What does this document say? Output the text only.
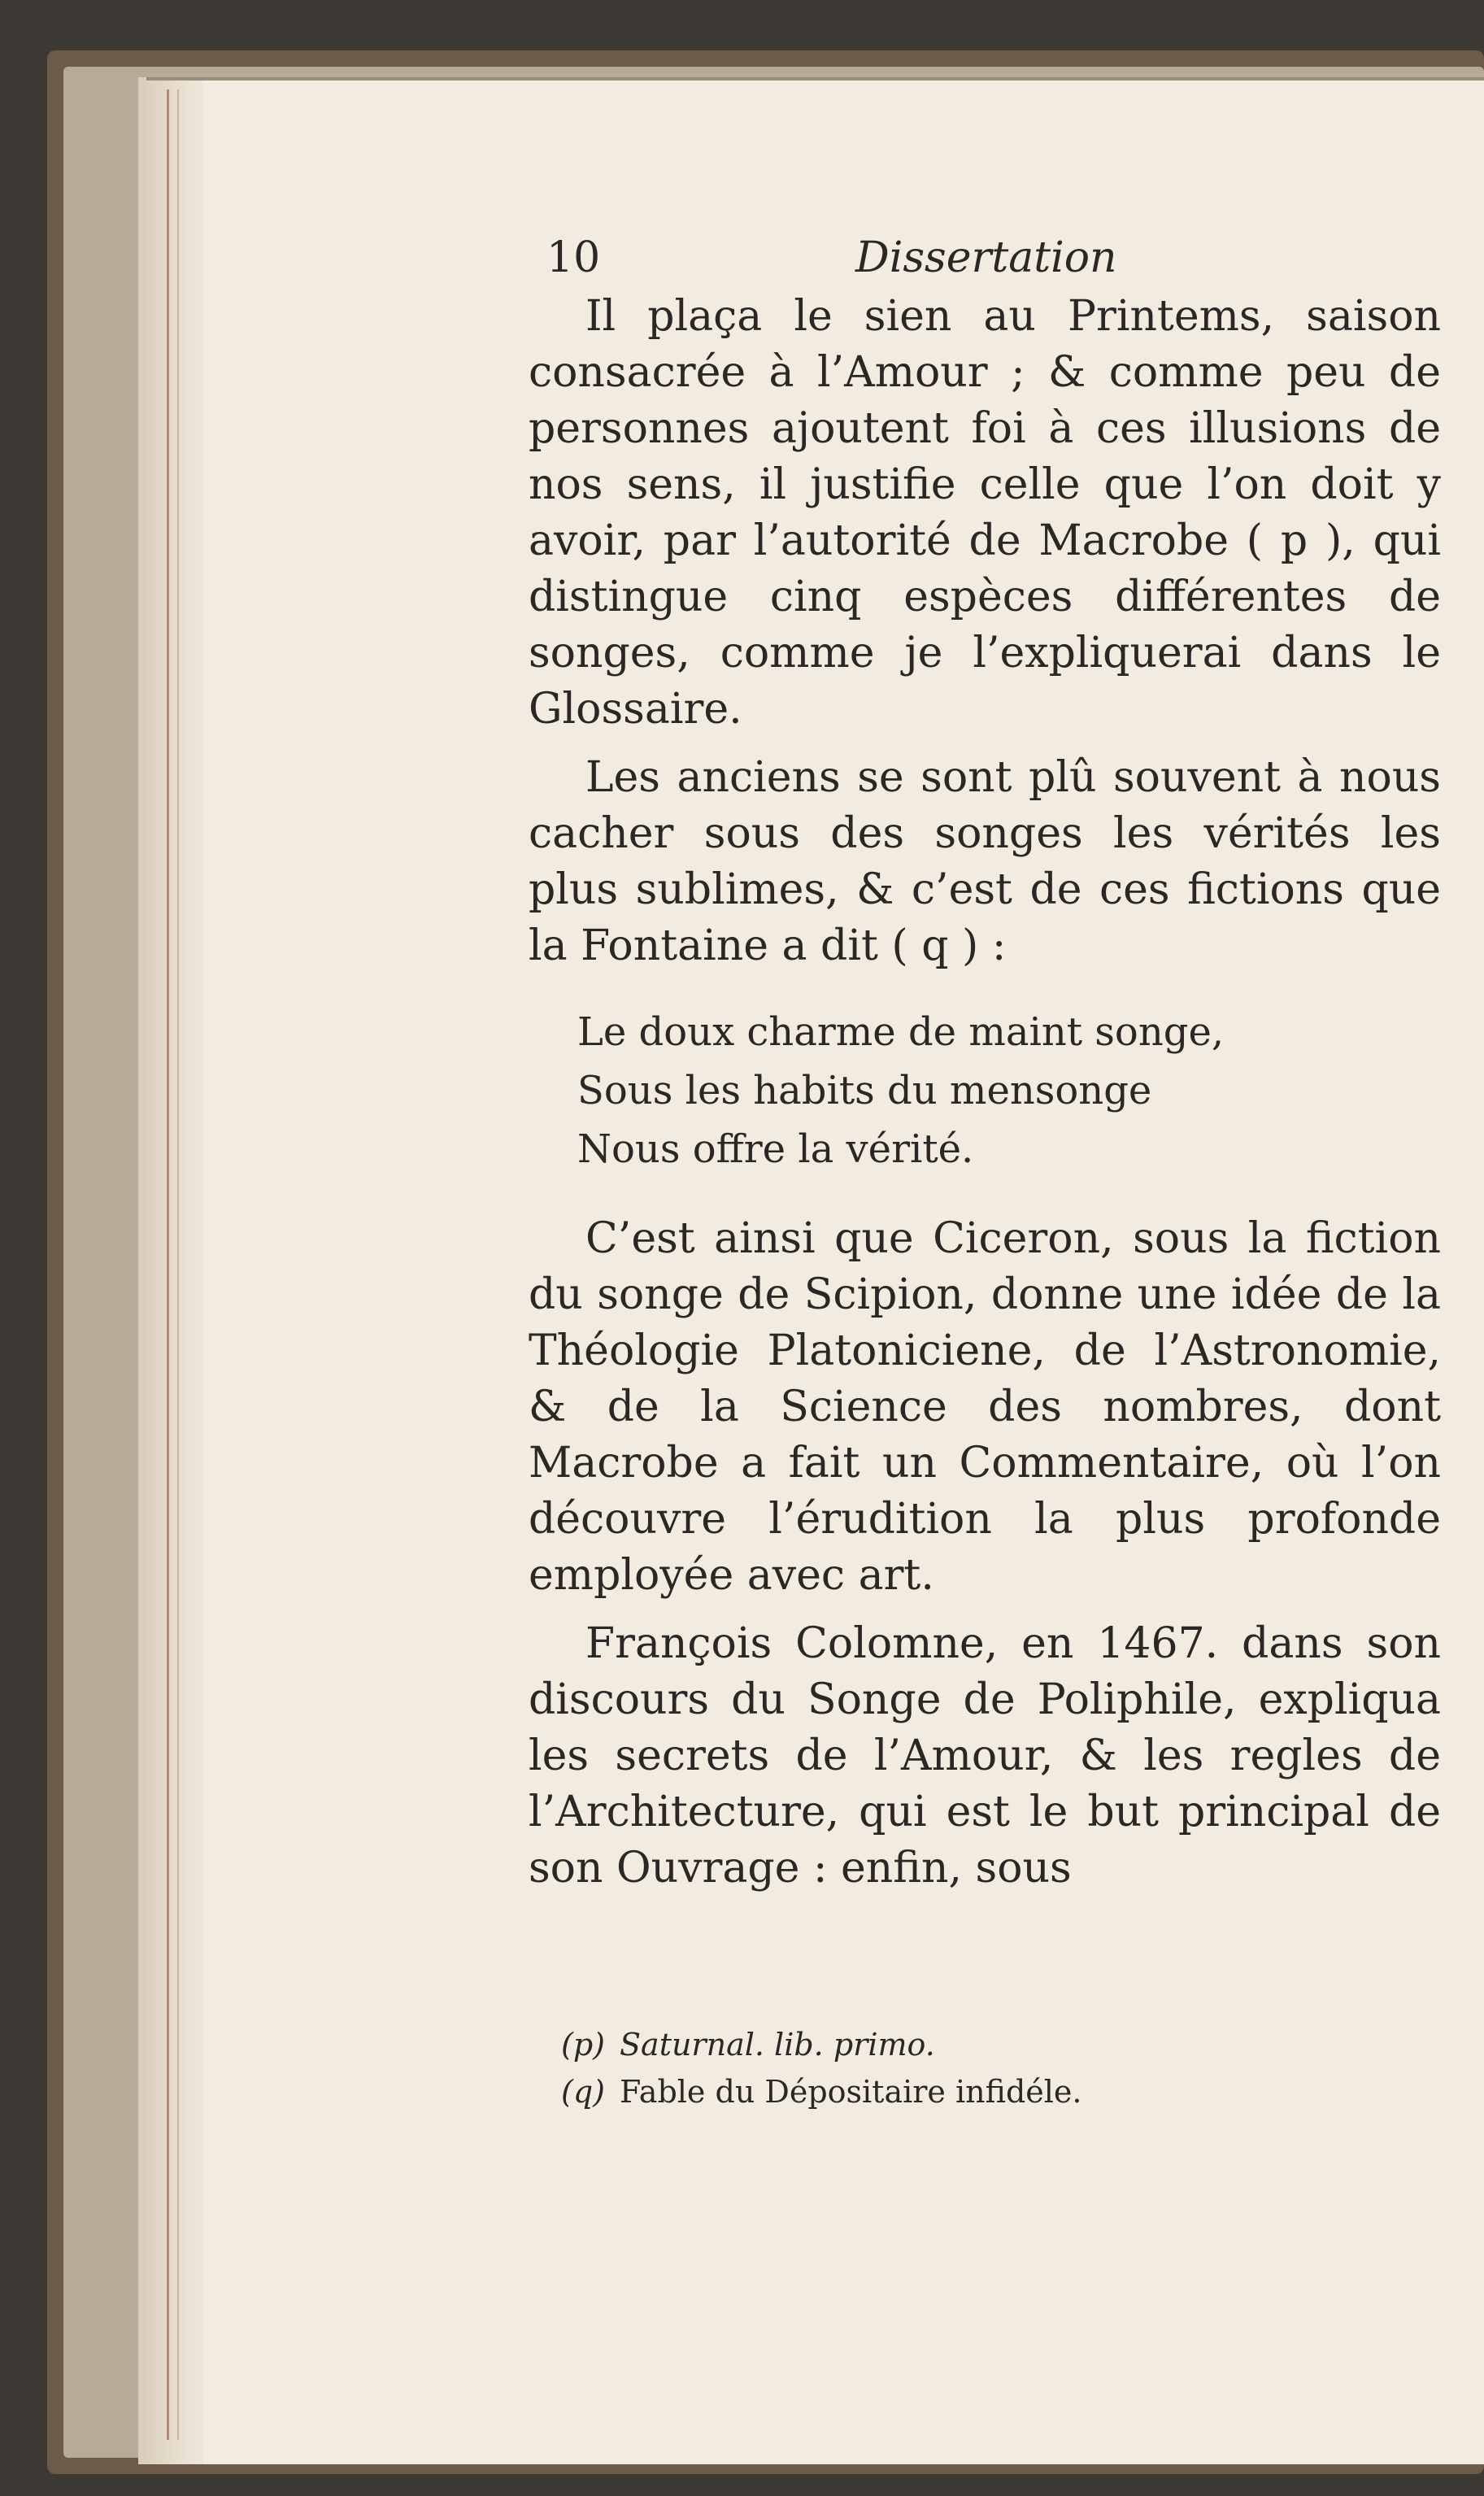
10	Dissertation

Il plaça le sien au Printems, saison consacrée à l’Amour ; & comme peu de personnes ajoutent foi à ces illusions de nos sens, il justifie celle que l’on doit y avoir, par l’autorité de Macrobe ( p ), qui distingue cinq espèces différentes de songes, comme je l’expliquerai dans le Glossaire.

Les anciens se sont plû souvent à nous cacher sous des songes les vérités les plus sublimes, & c’est de ces fictions que la Fontaine a dit ( q ) :

Le doux charme de maint songe,
Sous les habits du mensonge
Nous offre la vérité.

C’est ainsi que Ciceron, sous la fiction du songe de Scipion, donne une idée de la Théologie Platoniciene, de l’Astronomie, & de la Science des nombres, dont Macrobe a fait un Commentaire, où l’on découvre l’érudition la plus profonde employée avec art.

François Colomne, en 1467. dans son discours du Songe de Poliphile, expliqua les secrets de l’Amour, & les regles de l’Architecture, qui est le but principal de son Ouvrage : enfin, sous

(p) Saturnal. lib. primo.
(q) Fable du Dépositaire infidéle.
